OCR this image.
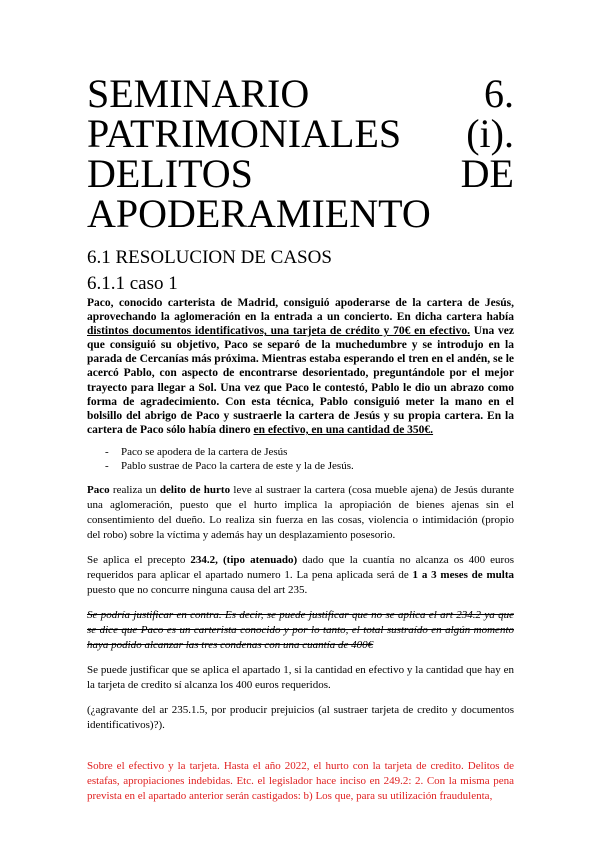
SEMINARIO	6.
PATRIMONIALES (i).
DELITOS	DE
APODERAMIENTO
6.1 RESOLUCION DE CASOS
6.1.1 caso 1

Paco, conocido carterista de Madrid, consiguió apoderarse de la cartera de Jesús, aprovechando la aglomeración en la entrada a un concierto. En dicha cartera había distintos documentos identificativos, una tarjeta de crédito y 70€ en efectivo. Una vez que consiguió su objetivo, Paco se separó de la muchedumbre y se introdujo en la parada de Cercanías más próxima. Mientras estaba esperando el tren en el andén, se le acercó Pablo, con aspecto de encontrarse desorientado, preguntándole por el mejor trayecto para llegar a Sol. Una vez que Paco le contestó, Pablo le dio un abrazo como forma de agradecimiento. Con esta técnica, Pablo consiguió meter la mano en el bolsillo del abrigo de Paco y sustraerle la cartera de Jesús y su propia cartera. En la cartera de Paco sólo había dinero en efectivo, en una cantidad de 350€.

- Paco se apodera de la cartera de Jesús
- Pablo sustrae de Paco la cartera de este y la de Jesús.

Paco realiza un delito de hurto leve al sustraer la cartera (cosa mueble ajena) de Jesús durante una aglomeración, puesto que el hurto implica la apropiación de bienes ajenas sin el consentimiento del dueño. Lo realiza sin fuerza en las cosas, violencia o intimidación (propio del robo) sobre la víctima y además hay un desplazamiento posesorio.

Se aplica el precepto 234.2, (tipo atenuado) dado que la cuantía no alcanza os 400 euros requeridos para aplicar el apartado numero 1. La pena aplicada será de 1 a 3 meses de multa puesto que no concurre ninguna causa del art 235.

Se podría justificar en contra. Es decir, se puede justificar que no se aplica el art 234.2 ya que se dice que Paco es un carterista conocido y por lo tanto, el total sustraído en algún momento haya podido alcanzar las tres condenas con una cuantía de 400€

Se puede justificar que se aplica el apartado 1, si la cantidad en efectivo y la cantidad que hay en la tarjeta de credito sí alcanza los 400 euros requeridos.

(¿agravante del ar 235.1.5, por producir prejuicios (al sustraer tarjeta de credito y documentos identificativos)?).

Sobre el efectivo y la tarjeta. Hasta el año 2022, el hurto con la tarjeta de credito. Delitos de estafas, apropiaciones indebidas. Etc. el legislador hace inciso en 249.2: 2. Con la misma pena prevista en el apartado anterior serán castigados: b) Los que, para su utilización fraudulenta,
